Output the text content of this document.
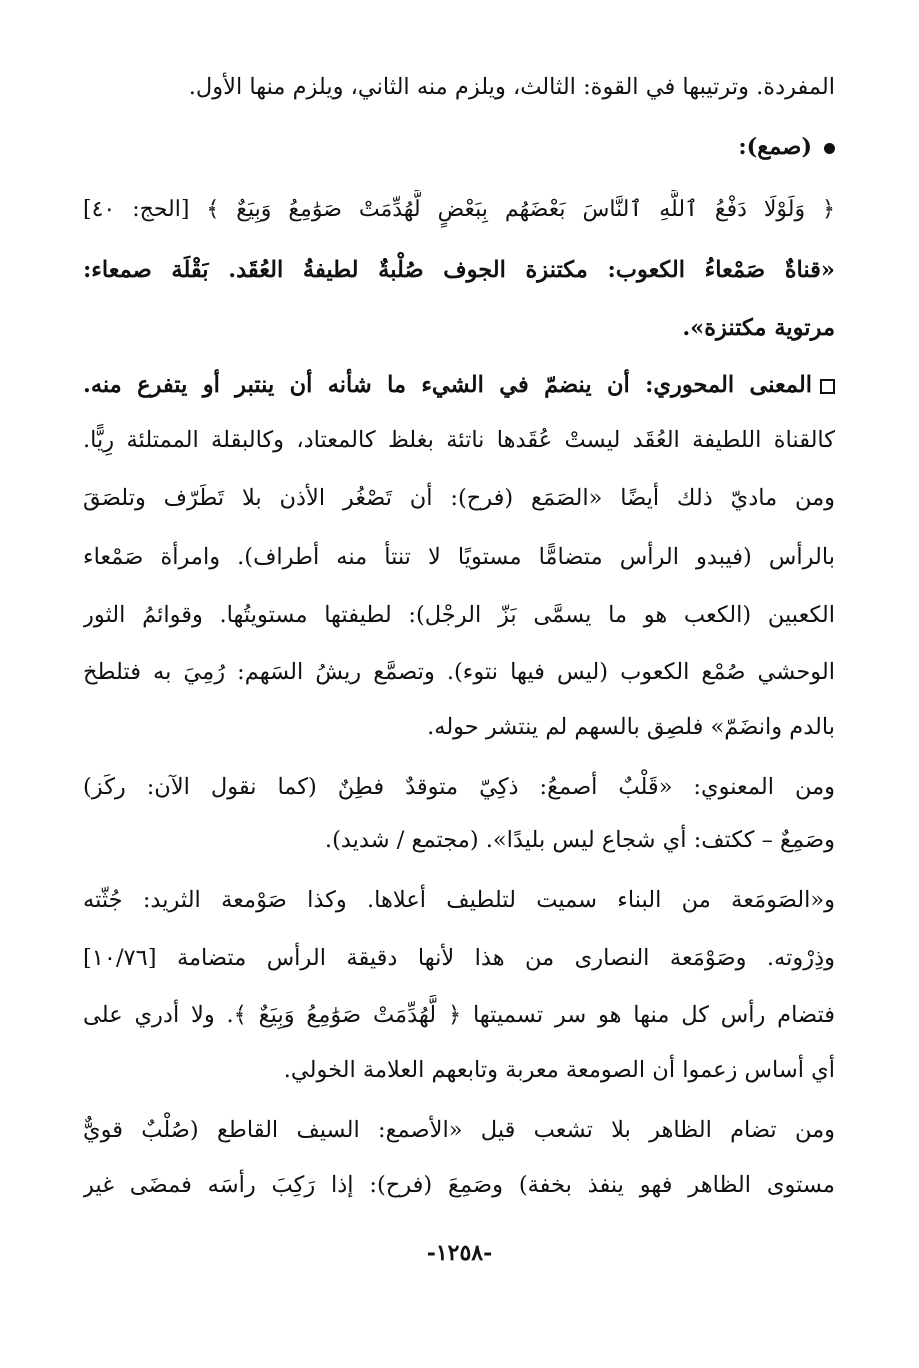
المفردة. وترتيبها في القوة: الثالث، ويلزم منه الثاني، ويلزم منها الأول.
(صمع):
﴿ وَلَوْلَا دَفْعُ ٱللَّهِ ٱلنَّاسَ بَعْضَهُم بِبَعْضٍ لَّهُدِّمَتْ صَوَٰمِعُ وَبِيَعٌ ﴾ [الحج: ٤٠]
«قناةٌ صَمْعاءُ الكعوب: مكتنزة الجوف صُلْبةٌ لطيفةُ العُقَد. بَقْلَة صمعاء:
مرتوية مكتنزة».
المعنى المحوري: أن ينضمّ في الشيء ما شأنه أن ينتبر أو يتفرع منه.
كالقناة اللطيفة العُقَد ليستْ عُقَدها ناتئة بغلظ كالمعتاد، وكالبقلة الممتلئة رِيًّا.
ومن ماديّ ذلك أيضًا «الصَمَع (فرح): أن تَصْغُر الأذن بلا تَطَرّف وتلصَقَ
بالرأس (فيبدو الرأس متضامًّا مستويًا لا تنتأ منه أطراف). وامرأة صَمْعاء
الكعبين (الكعب هو ما يسمَّى بَزّ الرجْل): لطيفتها مستويتُها. وقوائمُ الثور
الوحشي صُمْع الكعوب (ليس فيها نتوء). وتصمَّع ريشُ السَهم: رُمِيَ به فتلطخ
بالدم وانضَمّ» فلصِق بالسهم لم ينتشر حوله.
ومن المعنوي: «قَلْبٌ أصمعُ: ذكِيّ متوقدٌ فطِنٌ (كما نقول الآن: ركَز)
وصَمِعٌ – ككتف: أي شجاع ليس بليدًا». (مجتمع / شديد).
و«الصَومَعة من البناء سميت لتلطيف أعلاها. وكذا صَوْمعة الثريد: جُثّته
وذِرْوته. وصَوْمَعة النصارى من هذا لأنها دقيقة الرأس متضامة [١٠/٧٦]
فتضام رأس كل منها هو سر تسميتها ﴿ لَّهُدِّمَتْ صَوَٰمِعُ وَبِيَعٌ ﴾. ولا أدري على
أي أساس زعموا أن الصومعة معربة وتابعهم العلامة الخولي.
ومن تضام الظاهر بلا تشعب قيل «الأصمع: السيف القاطع (صُلْبٌ قويٌّ
مستوى الظاهر فهو ينفذ بخفة) وصَمِعَ (فرح): إذا رَكِبَ رأسَه فمضَى غير
-١٢٥٨-
